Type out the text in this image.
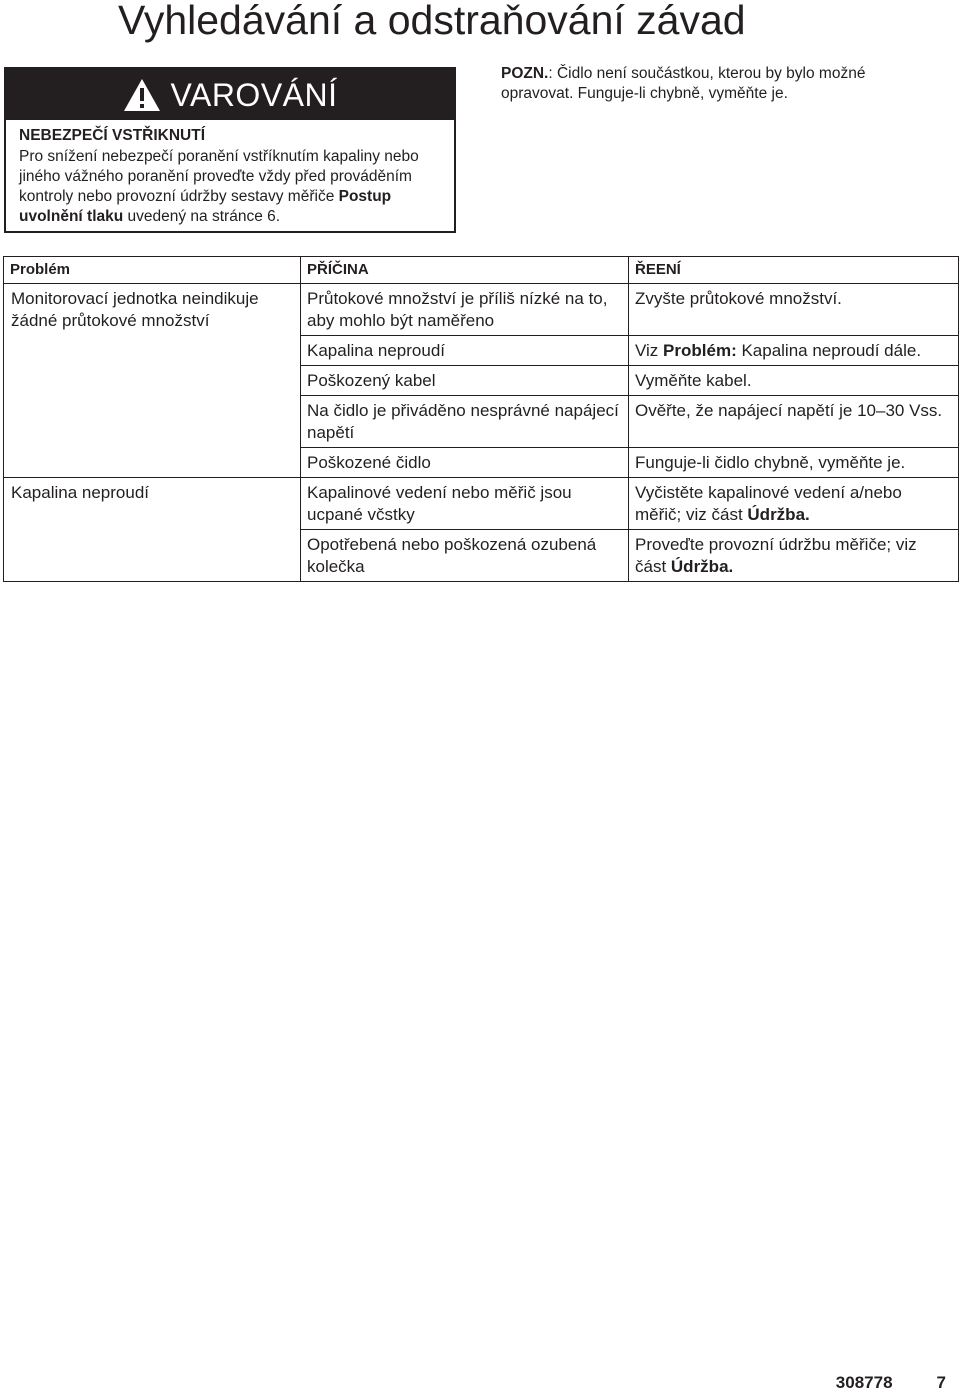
Vyhledávání a odstraňování závad
VAROVÁNÍ
NEBEZPEČÍ VSTŘIKNUTÍ

Pro snížení nebezpečí poranění vstříknutím kapaliny nebo jiného vážného poranění proveďte vždy před prováděním kontroly nebo provozní údržby sestavy měřiče Postup uvolnění tlaku uvedený na stránce 6.

POZN.: Čidlo není součástkou, kterou by bylo možné opravovat. Funguje-li chybně, vyměňte je.
Problém	PŘÍČINA	ŘEENÍ
Monitorovací jednotka neindikuje žádné průtokové množství	Průtokové množství je příliš nízké na to, aby mohlo být naměřeno	Zvyšte průtokové množství.
	Kapalina neproudí	Viz Problém: Kapalina neproudí dále.
	Poškozený kabel	Vyměňte kabel.
	Na čidlo je přiváděno nesprávné napájecí napětí	Ověřte, že napájecí napětí je 10–30 Vss.
	Poškozené čidlo	Funguje-li čidlo chybně, vyměňte je.
Kapalina neproudí	Kapalinové vedení nebo měřič jsou ucpané včstky	Vyčistěte kapalinové vedení a/nebo měřič; viz část Údržba.
	Opotřebená nebo poškozená ozubená kolečka	Proveďte provozní údržbu měřiče; viz část Údržba.
308778	7
